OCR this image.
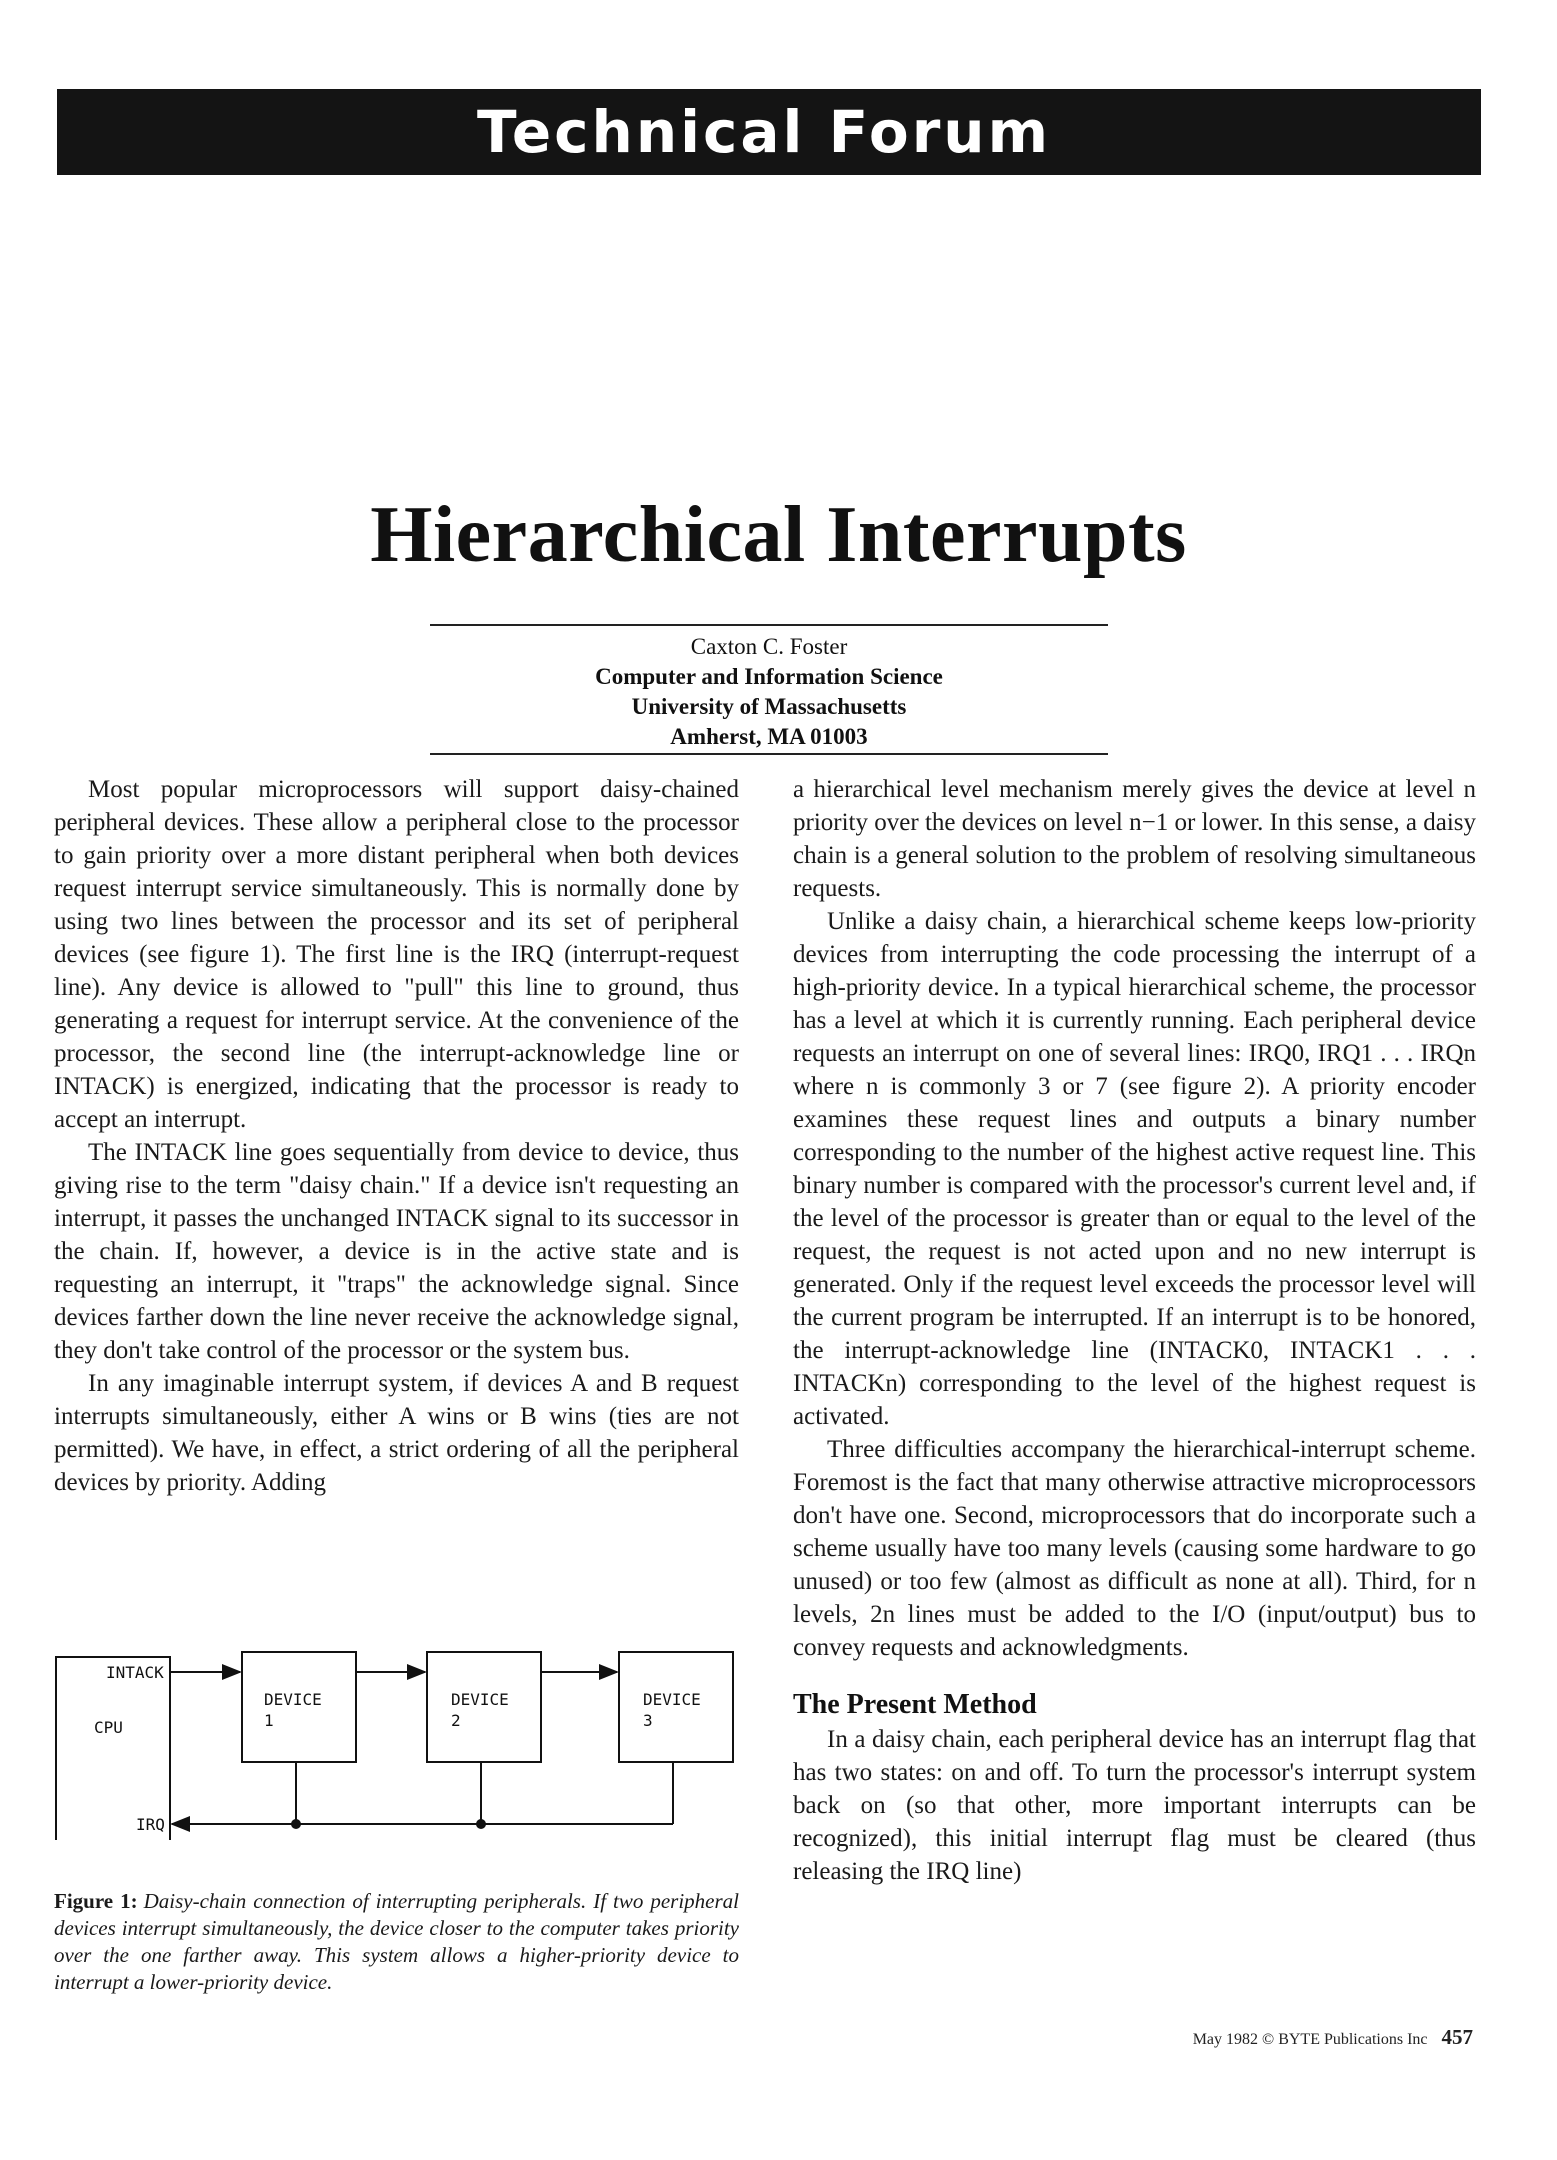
Technical Forum
Hierarchical Interrupts
Caxton C. Foster
Computer and Information Science
University of Massachusetts
Amherst, MA 01003

Most popular microprocessors will support daisy-chained peripheral devices. These allow a peripheral close to the processor to gain priority over a more distant peripheral when both devices request interrupt service simultaneously. This is normally done by using two lines between the processor and its set of peripheral devices (see figure 1). The first line is the IRQ (interrupt-request line). Any device is allowed to "pull" this line to ground, thus generating a request for interrupt service. At the convenience of the processor, the second line (the interrupt-acknowledge line or INTACK) is energized, indicating that the processor is ready to accept an interrupt.

The INTACK line goes sequentially from device to device, thus giving rise to the term "daisy chain." If a device isn't requesting an interrupt, it passes the unchanged INTACK signal to its successor in the chain. If, however, a device is in the active state and is requesting an interrupt, it "traps" the acknowledge signal. Since devices farther down the line never receive the acknowledge signal, they don't take control of the processor or the system bus.

In any imaginable interrupt system, if devices A and B request interrupts simultaneously, either A wins or B wins (ties are not permitted). We have, in effect, a strict ordering of all the peripheral devices by priority. Adding

INTACK
CPU
IRQ
DEVICE
1
DEVICE
2
DEVICE
3
Figure 1: Daisy-chain connection of interrupting peripherals. If two peripheral devices interrupt simultaneously, the device closer to the computer takes priority over the one farther away. This system allows a higher-priority device to interrupt a lower-priority device.

a hierarchical level mechanism merely gives the device at level n priority over the devices on level n−1 or lower. In this sense, a daisy chain is a general solution to the problem of resolving simultaneous requests.

Unlike a daisy chain, a hierarchical scheme keeps low-priority devices from interrupting the code processing the interrupt of a high-priority device. In a typical hierarchical scheme, the processor has a level at which it is currently running. Each peripheral device requests an interrupt on one of several lines: IRQ0, IRQ1 . . . IRQn where n is commonly 3 or 7 (see figure 2). A priority encoder examines these request lines and outputs a binary number corresponding to the number of the highest active request line. This binary number is compared with the processor's current level and, if the level of the processor is greater than or equal to the level of the request, the request is not acted upon and no new interrupt is generated. Only if the request level exceeds the processor level will the current program be interrupted. If an interrupt is to be honored, the interrupt-acknowledge line (INTACK0, INTACK1 . . . INTACKn) corresponding to the level of the highest request is activated.

Three difficulties accompany the hierarchical-interrupt scheme. Foremost is the fact that many otherwise attractive microprocessors don't have one. Second, microprocessors that do incorporate such a scheme usually have too many levels (causing some hardware to go unused) or too few (almost as difficult as none at all). Third, for n levels, 2n lines must be added to the I/O (input/output) bus to convey requests and acknowledgments.

The Present Method

In a daisy chain, each peripheral device has an interrupt flag that has two states: on and off. To turn the processor's interrupt system back on (so that other, more important interrupts can be recognized), this initial interrupt flag must be cleared (thus releasing the IRQ line)

May 1982 © BYTE Publications Inc 457
